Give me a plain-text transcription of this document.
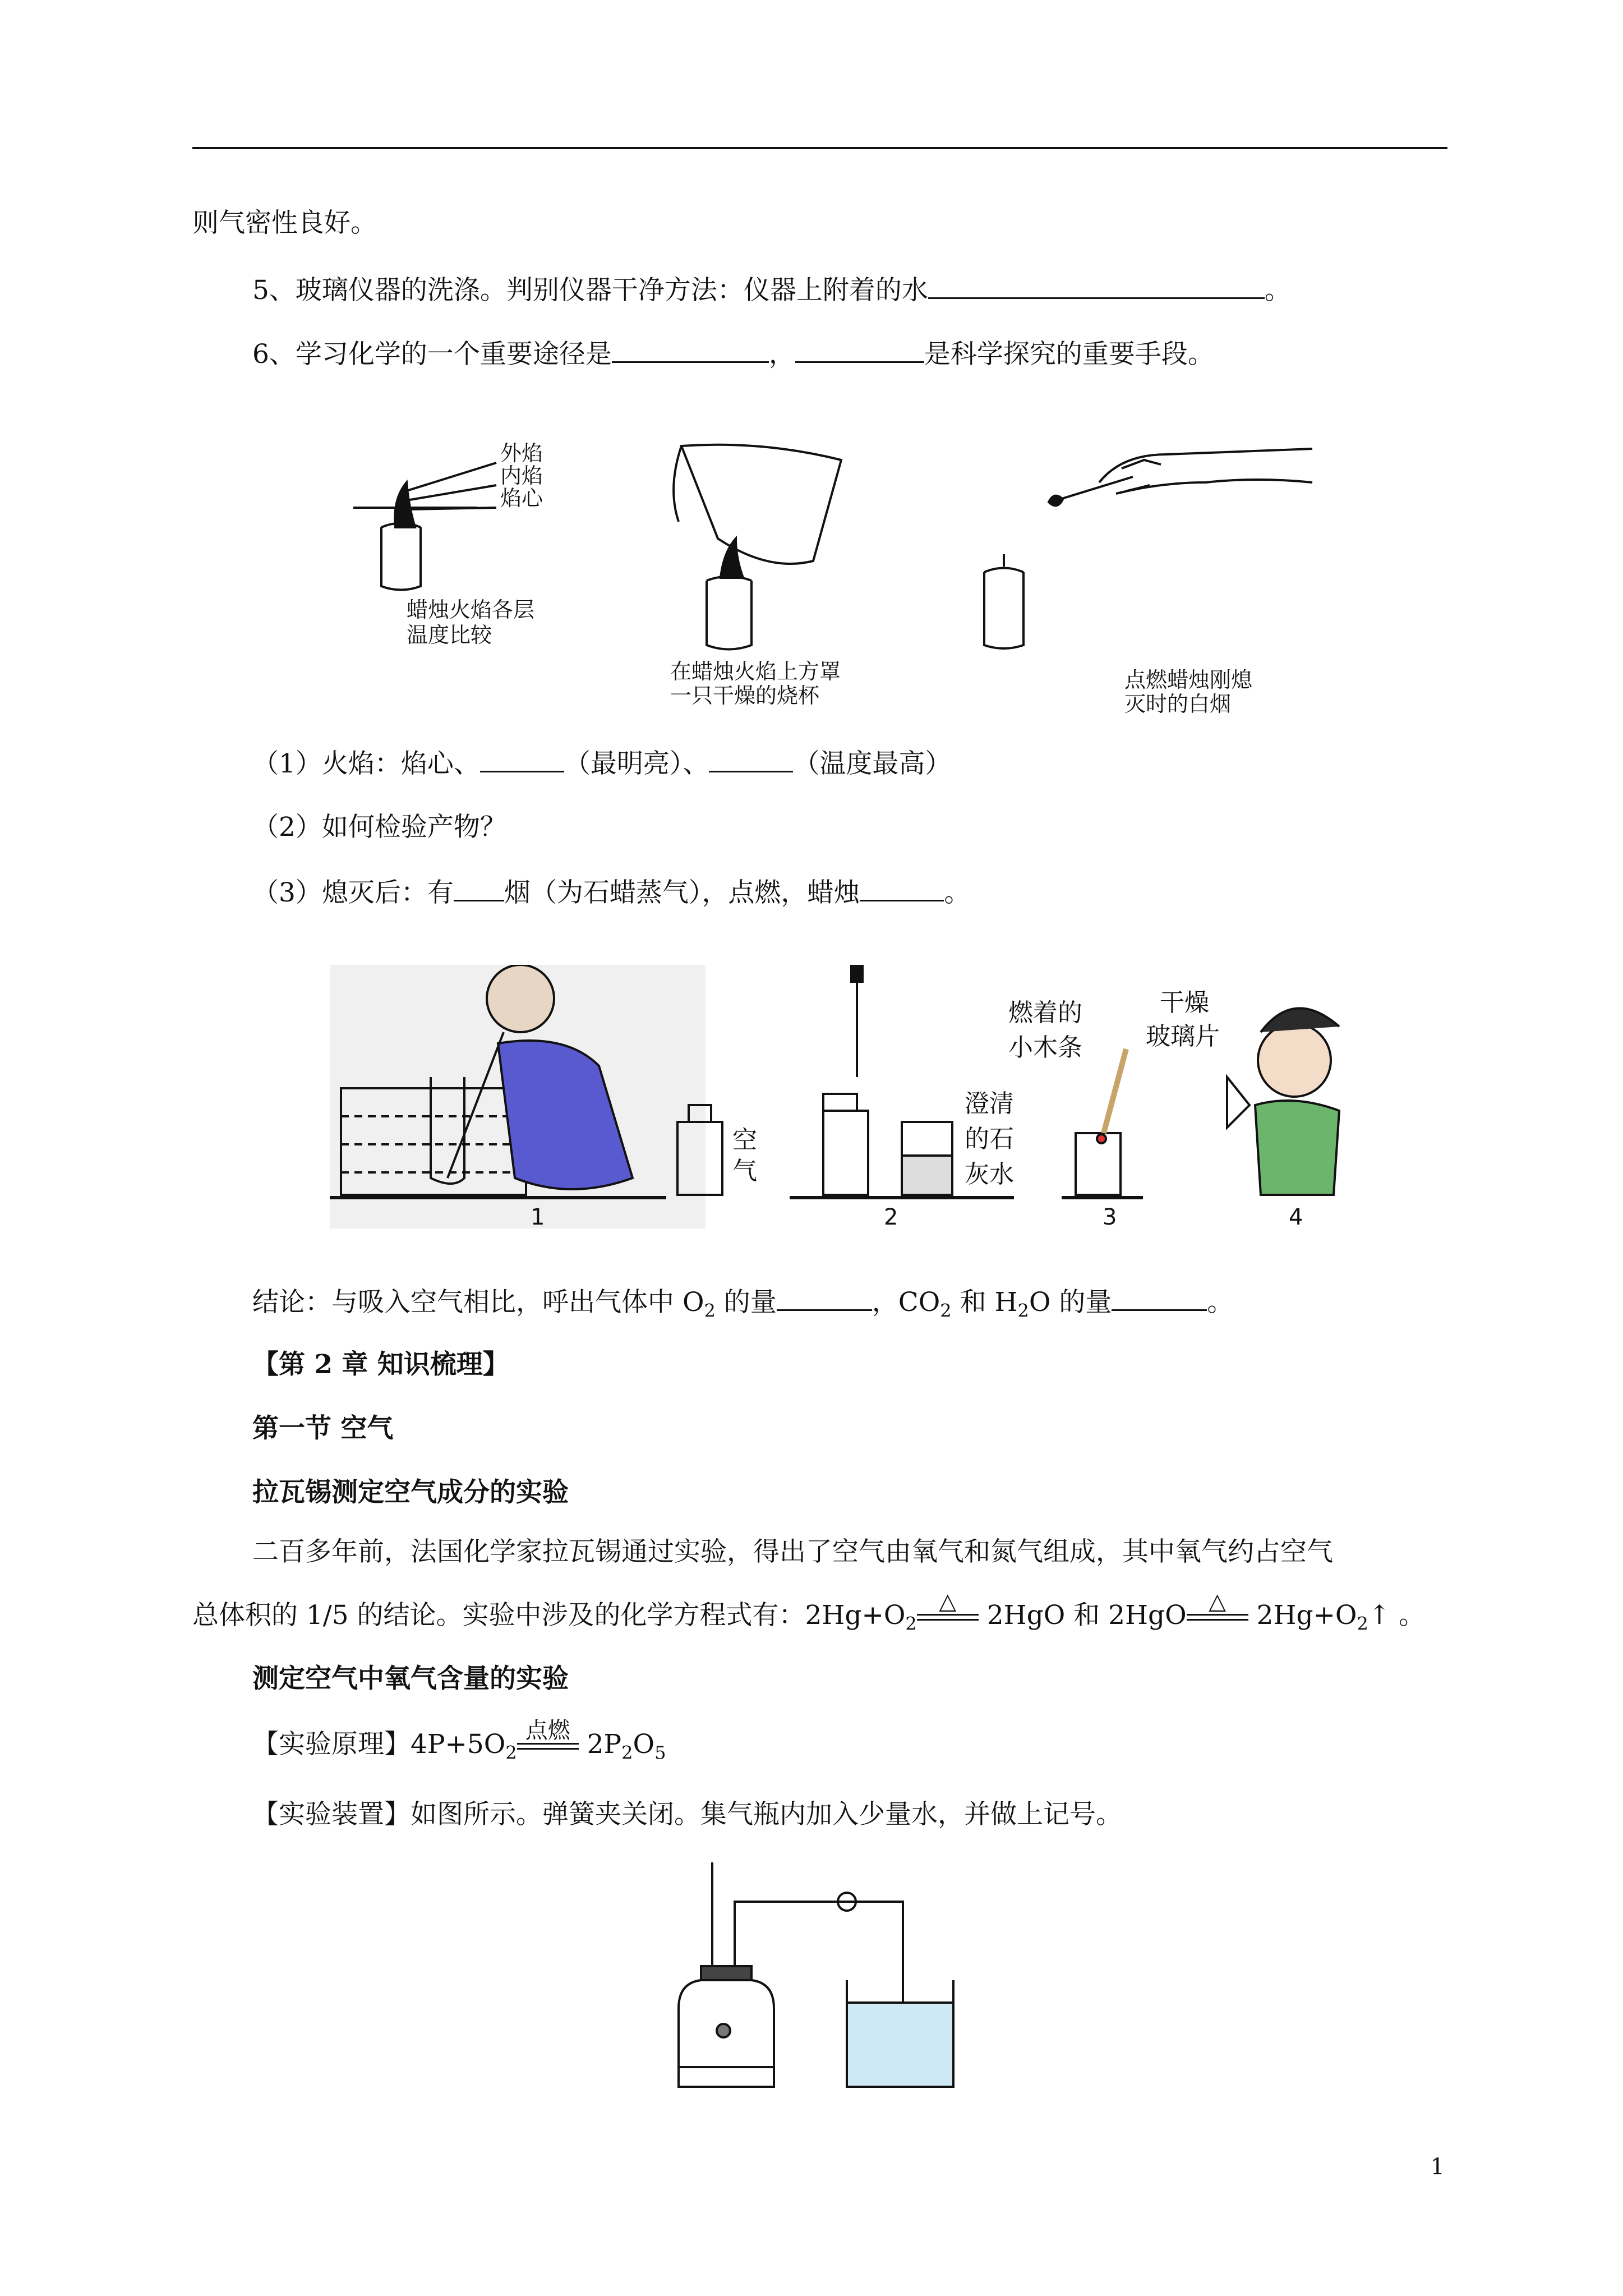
则气密性良好。
5、玻璃仪器的洗涤。判别仪器干净方法：仪器上附着的水	。
6、学习化学的一个重要途径是	，	是科学探究的重要手段。
外焰
内焰
焰心
蜡烛火焰各层
温度比较
在蜡烛火焰上方罩
一只干燥的烧杯
点燃蜡烛刚熄
灭时的白烟
（1）火焰：焰心、	（最明亮）、	（温度最高）
（2）如何检验产物？
（3）熄灭后：有 烟（为石蜡蒸气），点燃，蜡烛	。
空
气
澄清
的石
灰水
燃着的
小木条
干燥
玻璃片
1	2	3	4
结论：与吸入空气相比，呼出气体中 $O_2$ 的量	，$CO_2$ 和 $H_2O$ 的量	。
【第 2 章 知识梳理】
第一节 空气
拉瓦锡测定空气成分的实验
二百多年前，法国化学家拉瓦锡通过实验，得出了空气由氧气和氮气组成，其中氧气约占空气
总体积的 1/5 的结论。实验中涉及的化学方程式有：$2Hg+O_2$
△ 2HgO 和 2HgO △ $2Hg+O_2↑$ 。
测定空气中氧气含量的实验
【实验原理】$4P+5O_2$
点燃 $2P_2O_5$
【实验装置】如图所示。弹簧夹关闭。集气瓶内加入少量水，并做上记号。
1
